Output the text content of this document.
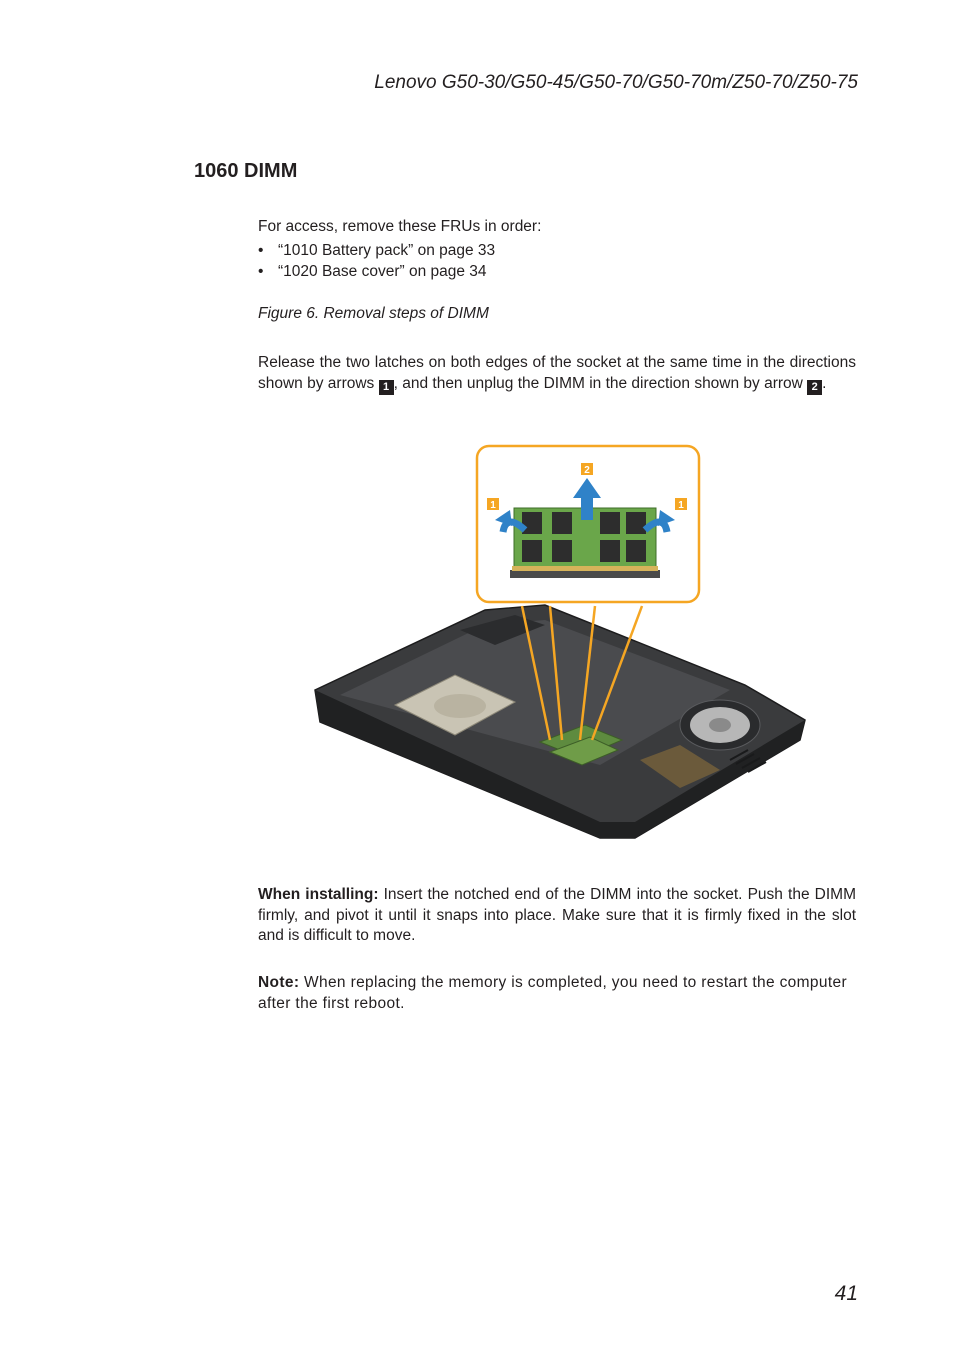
Lenovo G50-30/G50-45/G50-70/G50-70m/Z50-70/Z50-75
1060 DIMM
For access, remove these FRUs in order:
• “1010 Battery pack” on page 33
• “1020 Base cover” on page 34
Figure 6. Removal steps of DIMM
Release the two latches on both edges of the socket at the same time in the directions shown by arrows 1 , and then unplug the DIMM in the direction shown by arrow 2 .
1	1
2
When installing: Insert the notched end of the DIMM into the socket. Push the DIMM firmly, and pivot it until it snaps into place. Make sure that it is firmly fixed in the slot and is difficult to move.
Note: When replacing the memory is completed, you need to restart the computer after the first reboot.
41
